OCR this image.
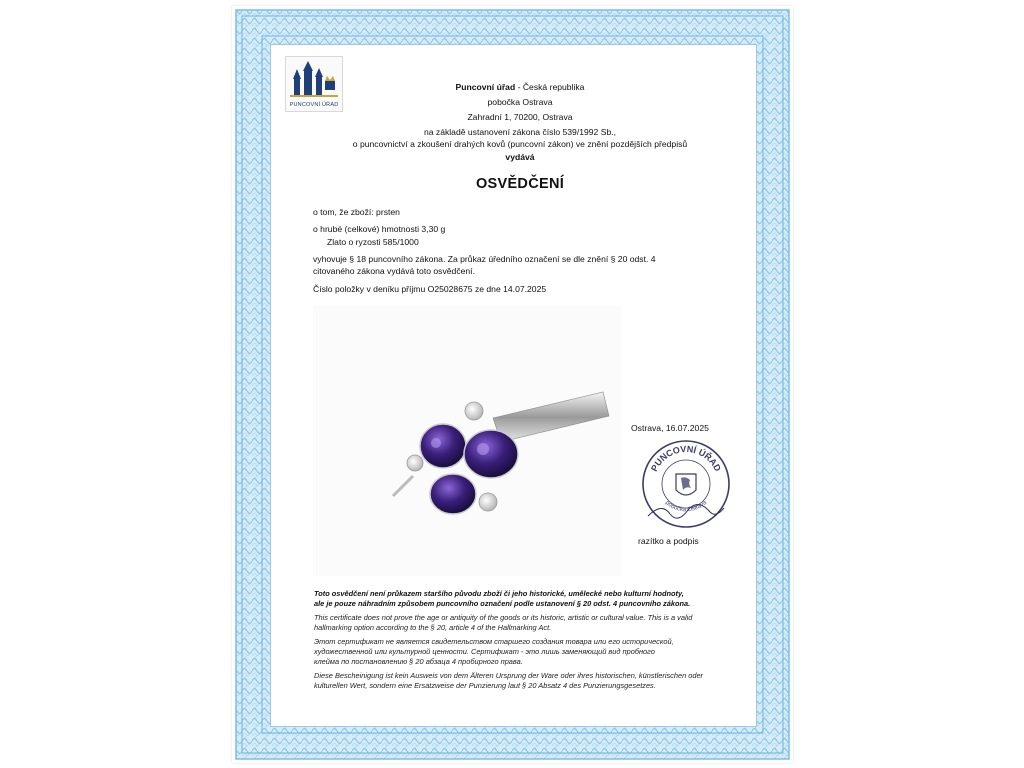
PUNCOVNÍ ÚŘAD
Puncovní úřad - Česká republika
pobočka Ostrava
Zahradní 1, 70200, Ostrava
na základě ustanovení zákona číslo 539/1992 Sb.,
o puncovnictví a zkoušení drahých kovů (puncovní zákon) ve znění pozdějších předpisů
vydává
OSVĚDČENÍ
o tom, že zboží: prsten
o hrubé (celkové) hmotnosti 3,30 g
Zlato o ryzosti 585/1000
vyhovuje § 18 puncovního zákona. Za průkaz úředního označení se dle znění § 20 odst. 4
citovaného zákona vydává toto osvědčení.
Číslo položky v deníku příjmu O25028675 ze dne 14.07.2025
Ostrava, 16.07.2025
PUNCOVNÍ ÚŘAD
pobočka Ostrava
razítko a podpis
Toto osvědčení není průkazem staršího původu zboží či jeho historické, umělecké nebo kulturní hodnoty,
ale je pouze náhradním způsobem puncovního označení podle ustanovení § 20 odst. 4 puncovního zákona.
This certificate does not prove the age or antiquity of the goods or its historic, artistic or cultural value. This is a valid
hallmarking option according to the § 20, article 4 of the Hallmarking Act.
Этот сертификат не является свидетельством старшего создания товара или его исторической,
художественной или культурной ценности. Сертификат - это лишь заменяющий вид пробного
клейма по постановлению § 20 абзаца 4 пробирного права.
Diese Bescheinigung ist kein Ausweis von dem Älteren Ursprung der Ware oder ihres historischen, künstlerischen oder
kulturellen Wert, sondern eine Ersatzweise der Punzierung laut § 20 Absatz 4 des Punzierungsgesetzes.
